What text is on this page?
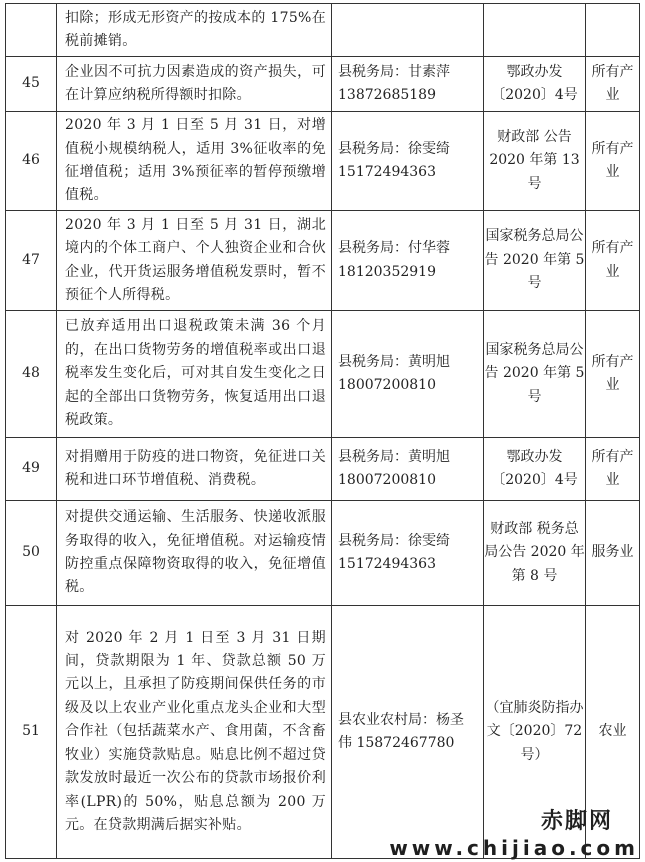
	扣除；形成无形资产的按成本的 175%在税前摊销。			
45	企业因不可抗力因素造成的资产损失，可在计算应纳税所得额时扣除。	县税务局：甘素萍 13872685189	鄂政办发〔2020〕4号	所有产业
46	2020 年 3 月 1 日至 5 月 31 日，对增值税小规模纳税人，适用 3%征收率的免征增值税；适用 3%预征率的暂停预缴增值税。	县税务局：徐雯绮 15172494363	财政部 公告 2020 年第 13 号	所有产业
47	2020 年 3 月 1 日至 5 月 31 日，湖北境内的个体工商户、个人独资企业和合伙企业，代开货运服务增值税发票时，暂不预征个人所得税。	县税务局：付华蓉 18120352919	国家税务总局公告 2020 年第 5 号	所有产业
48	已放弃适用出口退税政策未满 36 个月的，在出口货物劳务的增值税率或出口退税率发生变化后，可对其自发生变化之日起的全部出口货物劳务，恢复适用出口退税政策。	县税务局：黄明旭 18007200810	国家税务总局公告 2020 年第 5 号	所有产业
49	对捐赠用于防疫的进口物资，免征进口关税和进口环节增值税、消费税。	县税务局：黄明旭 18007200810	鄂政办发〔2020〕4号	所有产业
50	对提供交通运输、生活服务、快递收派服务取得的收入，免征增值税。对运输疫情防控重点保障物资取得的收入，免征增值税。	县税务局：徐雯绮 15172494363	财政部 税务总局公告 2020 年第 8 号	服务业
51	对 2020 年 2 月 1 日至 3 月 31 日期间，贷款期限为 1 年、贷款总额 50 万元以上，且承担了防疫期间保供任务的市级及以上农业产业化重点龙头企业和大型合作社（包括蔬菜水产、食用菌，不含畜牧业）实施贷款贴息。贴息比例不超过贷款发放时最近一次公布的贷款市场报价利率(LPR)的 50%，贴息总额为 200 万元。在贷款期满后据实补贴。	县农业农村局：杨圣伟 15872467780	（宜肺炎防指办文〔2020〕72号）	农业
赤脚网
www.chijiao.com
